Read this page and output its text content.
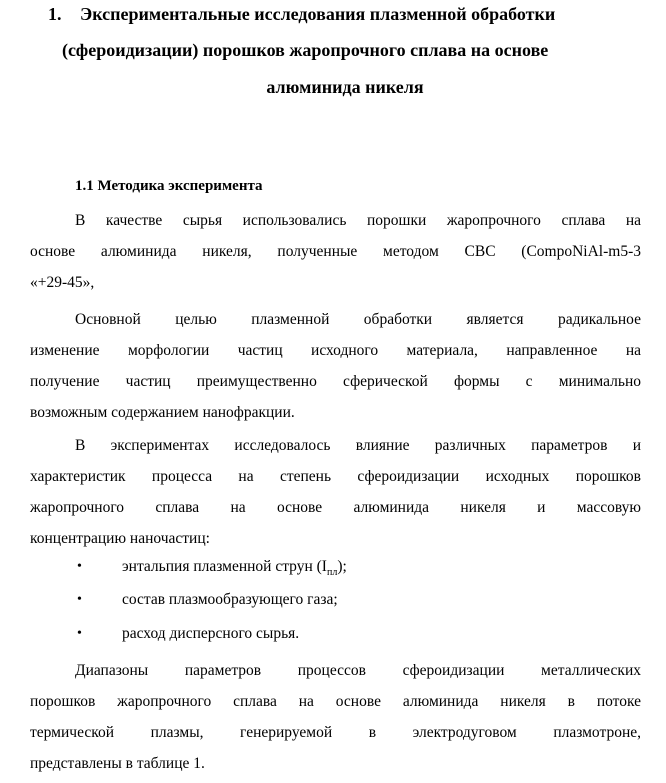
1. Экспериментальные исследования плазменной обработки
(сфероидизации) порошков жаропрочного сплава на основе
алюминида никеля
1.1 Методика эксперимента
В качестве сырья использовались порошки жаропрочного сплава на
основе алюминида никеля, полученные методом СВС (CompoNiAl-m5-3
«+29-45»,
Основной целью плазменной обработки является радикальное
изменение морфологии частиц исходного материала, направленное на
получение частиц преимущественно сферической формы с минимально
возможным содержанием нанофракции.
В экспериментах исследовалось влияние различных параметров и
характеристик процесса на степень сфероидизации исходных порошков
жаропрочного сплава на основе алюминида никеля и массовую
концентрацию наночастиц:
•	энтальпия плазменной струн $(I_{пл})$;
•	состав плазмообразующего газа;
•	расход дисперсного сырья.
Диапазоны параметров процессов сфероидизации металлических
порошков жаропрочного сплава на основе алюминида никеля в потоке
термической плазмы, генерируемой в электродуговом плазмотроне,
представлены в таблице 1.
